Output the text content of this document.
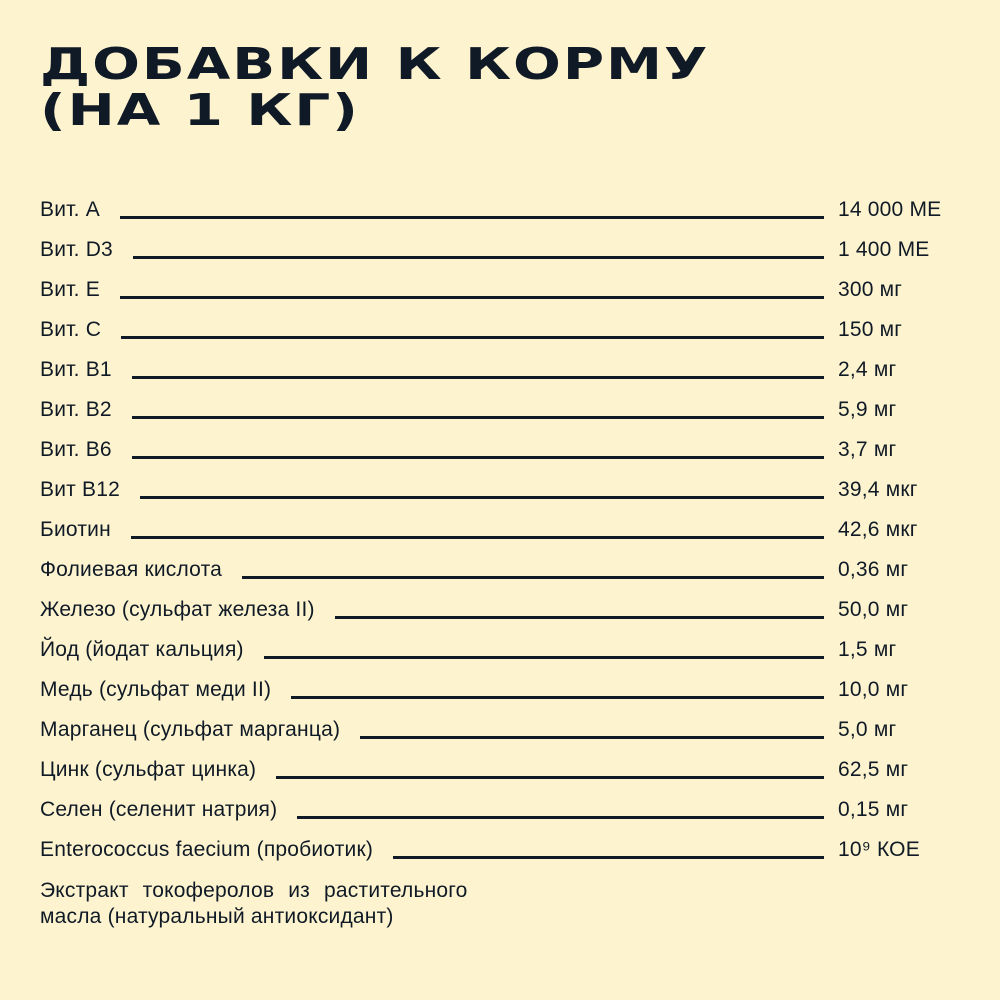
ДОБАВКИ К КОРМУ
(НА 1 КГ)
Вит. А	14 000 МЕ
Вит. D3	1 400 МЕ
Вит. Е	300 мг
Вит. С	150 мг
Вит. В1	2,4 мг
Вит. В2	5,9 мг
Вит. В6	3,7 мг
Вит В12	39,4 мкг
Биотин	42,6 мкг
Фолиевая кислота	0,36 мг
Железо (сульфат железа II)	50,0 мг
Йод (йодат кальция)	1,5 мг
Медь (сульфат меди II)	10,0 мг
Марганец (сульфат марганца)	5,0 мг
Цинк (сульфат цинка)	62,5 мг
Селен (селенит натрия)	0,15 мг
Enterococcus faecium (пробиотик)	10⁹ КОЕ
Экстракт токоферолов из растительного
масла (натуральный антиоксидант)
